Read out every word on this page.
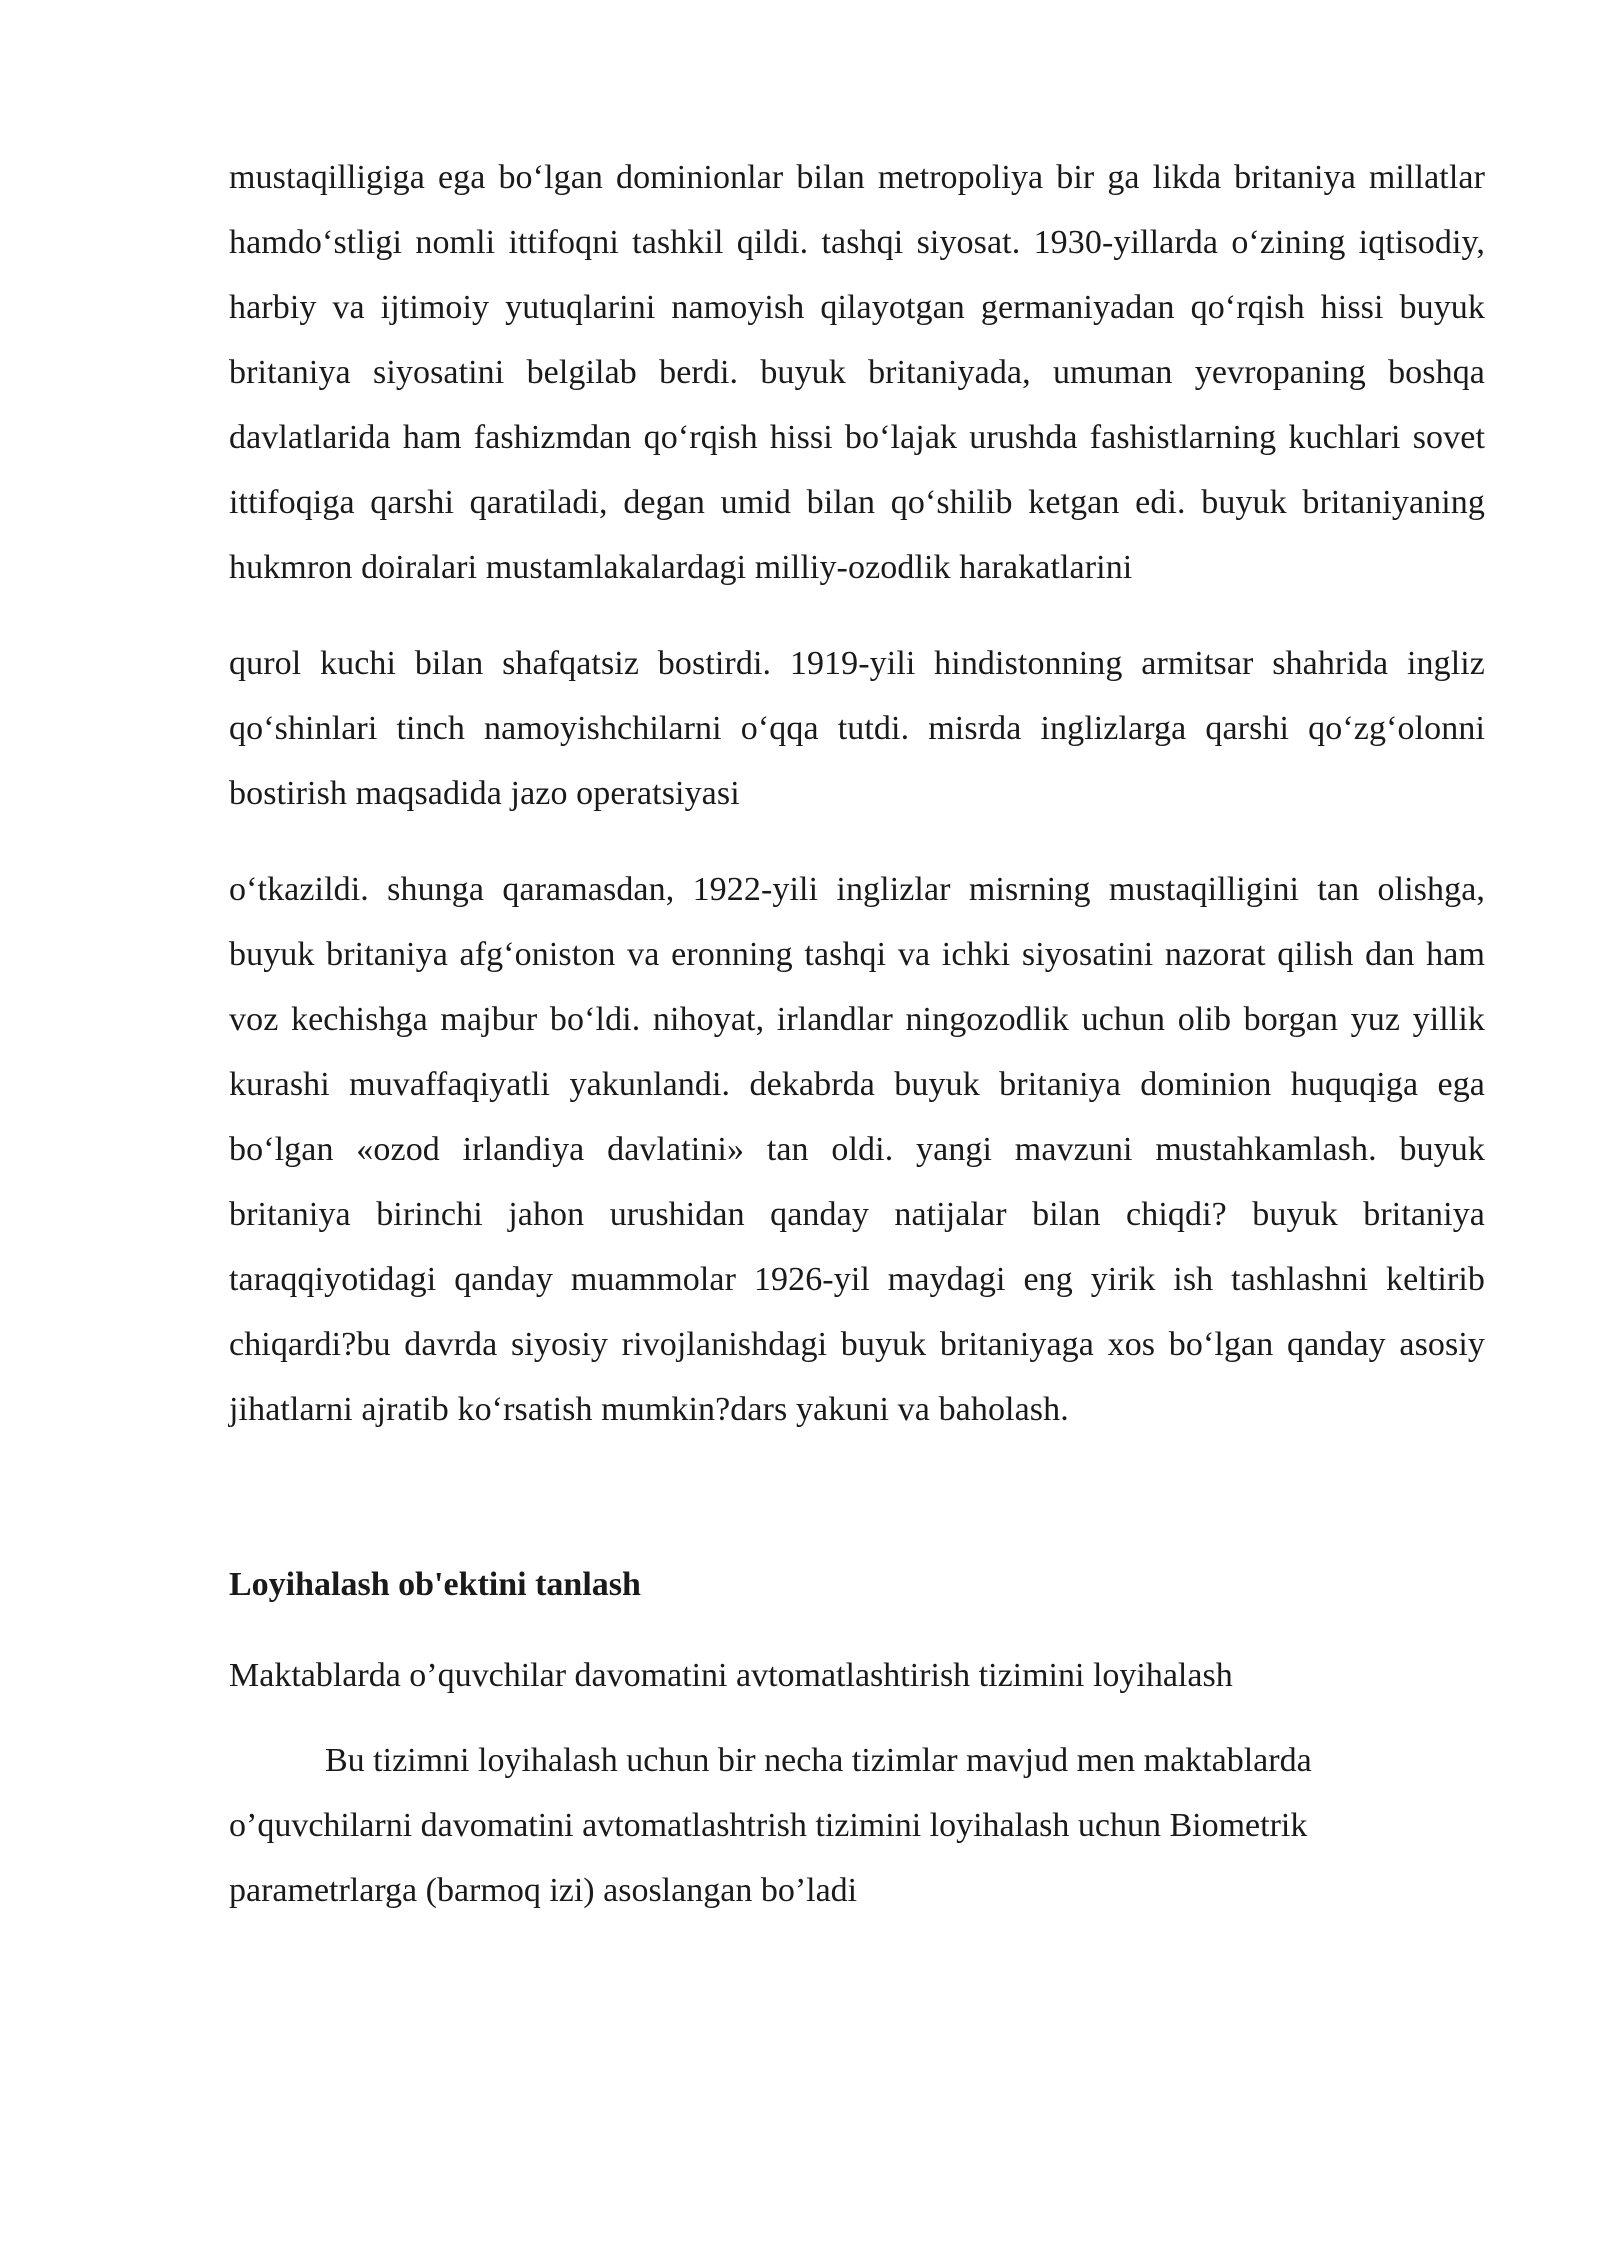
mustaqilligiga ega bo‘lgan dominionlar bilan metropoliya bir ga likda britaniya millatlar hamdo‘stligi nomli ittifoqni tashkil qildi. tashqi siyosat. 1930-yillarda o‘zining iqtisodiy, harbiy va ijtimoiy yutuqlarini namoyish qilayotgan germaniyadan qo‘rqish hissi buyuk britaniya siyosatini belgilab berdi. buyuk britaniyada, umuman yevropaning boshqa davlatlarida ham fashizmdan qo‘rqish hissi bo‘lajak urushda fashistlarning kuchlari sovet ittifoqiga qarshi qaratiladi, degan umid bilan qo‘shilib ketgan edi. buyuk britaniyaning hukmron doiralari mustamlakalardagi milliy-ozodlik harakatlarini

qurol kuchi bilan shafqatsiz bostirdi. 1919-yili hindistonning armitsar shahrida ingliz qo‘shinlari tinch namoyishchilarni o‘qqa tutdi. misrda inglizlarga qarshi qo‘zg‘olonni bostirish maqsadida jazo operatsiyasi

o‘tkazildi. shunga qaramasdan, 1922-yili inglizlar misrning mustaqilligini tan olishga, buyuk britaniya afg‘oniston va eronning tashqi va ichki siyosatini nazorat qilish dan ham voz kechishga majbur bo‘ldi. nihoyat, irlandlar ningozodlik uchun olib borgan yuz yillik kurashi muvaffaqiyatli yakunlandi. dekabrda buyuk britaniya dominion huquqiga ega bo‘lgan «ozod irlandiya davlatini» tan oldi. yangi mavzuni mustahkamlash. buyuk britaniya birinchi jahon urushidan qanday natijalar bilan chiqdi? buyuk britaniya taraqqiyotidagi qanday muammolar 1926-yil maydagi eng yirik ish tashlashni keltirib chiqardi?bu davrda siyosiy rivojlanishdagi buyuk britaniyaga xos bo‘lgan qanday asosiy jihatlarni ajratib ko‘rsatish mumkin?dars yakuni va baholash.

Loyihalash ob'ektini tanlash

Maktablarda o’quvchilar davomatini avtomatlashtirish tizimini loyihalash

Bu tizimni loyihalash uchun bir necha tizimlar mavjud men maktablarda o’quvchilarni davomatini avtomatlashtrish tizimini loyihalash uchun Biometrik parametrlarga (barmoq izi) asoslangan bo’ladi
